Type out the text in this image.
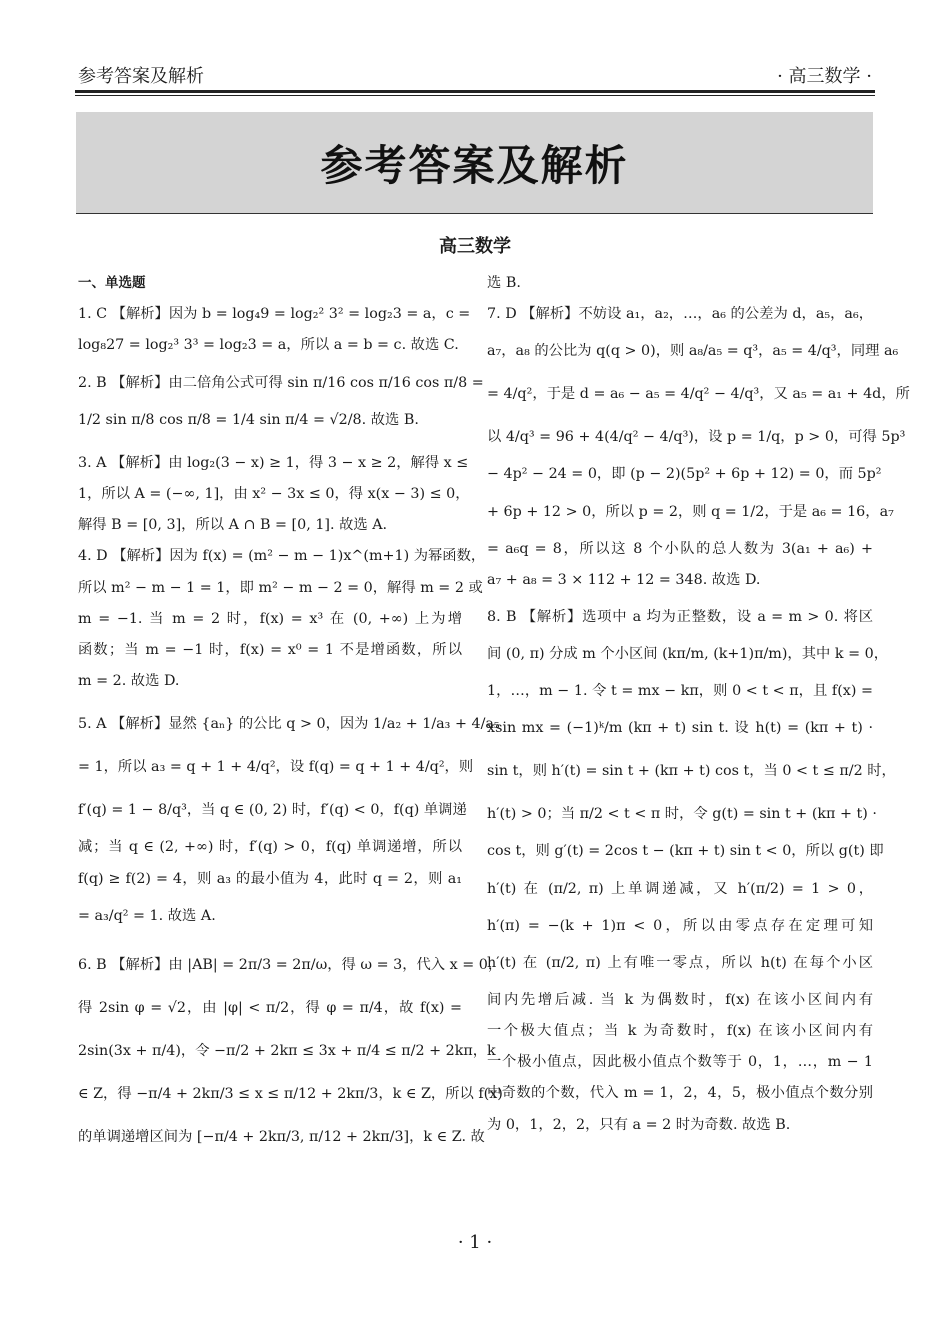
参考答案及解析	· 高三数学 ·
参考答案及解析
高三数学
一、单选题
1. C 【解析】因为 b = log₄9 = log₂² 3² = log₂3 = a，c =
log₈27 = log₂³ 3³ = log₂3 = a，所以 a = b = c. 故选 C.
2. B 【解析】由二倍角公式可得 sin π/16 cos π/16 cos π/8 =
1/2 sin π/8 cos π/8 = 1/4 sin π/4 = √2/8. 故选 B.
3. A 【解析】由 log₂(3 − x) ≥ 1，得 3 − x ≥ 2，解得 x ≤
1，所以 A = (−∞, 1]，由 x² − 3x ≤ 0，得 x(x − 3) ≤ 0，
解得 B = [0, 3]，所以 A ∩ B = [0, 1]. 故选 A.
4. D 【解析】因为 f(x) = (m² − m − 1)x^(m+1) 为幂函数，
所以 m² − m − 1 = 1，即 m² − m − 2 = 0，解得 m = 2 或
m = −1. 当 m = 2 时，f(x) = x³ 在 (0, +∞) 上为增
函数；当 m = −1 时，f(x) = x⁰ = 1 不是增函数，所以
m = 2. 故选 D.
5. A 【解析】显然 {aₙ} 的公比 q > 0，因为 1/a₂ + 1/a₃ + 4/a₅
= 1，所以 a₃ = q + 1 + 4/q²，设 f(q) = q + 1 + 4/q²，则
f′(q) = 1 − 8/q³，当 q ∈ (0, 2) 时，f′(q) < 0，f(q) 单调递
减；当 q ∈ (2, +∞) 时，f′(q) > 0，f(q) 单调递增，所以
f(q) ≥ f(2) = 4，则 a₃ 的最小值为 4，此时 q = 2，则 a₁
= a₃/q² = 1. 故选 A.
6. B 【解析】由 |AB| = 2π/3 = 2π/ω，得 ω = 3，代入 x = 0，
得 2sin φ = √2，由 |φ| < π/2，得 φ = π/4，故 f(x) =
2sin(3x + π/4)，令 −π/2 + 2kπ ≤ 3x + π/4 ≤ π/2 + 2kπ，k
∈ Z，得 −π/4 + 2kπ/3 ≤ x ≤ π/12 + 2kπ/3，k ∈ Z，所以 f(x)
的单调递增区间为 [−π/4 + 2kπ/3, π/12 + 2kπ/3]，k ∈ Z. 故
选 B.
7. D 【解析】不妨设 a₁，a₂，…，a₆ 的公差为 d，a₅，a₆，
a₇，a₈ 的公比为 q(q > 0)，则 a₈/a₅ = q³，a₅ = 4/q³，同理 a₆
= 4/q²，于是 d = a₆ − a₅ = 4/q² − 4/q³，又 a₅ = a₁ + 4d，所
以 4/q³ = 96 + 4(4/q² − 4/q³)，设 p = 1/q，p > 0，可得 5p³
− 4p² − 24 = 0，即 (p − 2)(5p² + 6p + 12) = 0，而 5p²
+ 6p + 12 > 0，所以 p = 2，则 q = 1/2，于是 a₆ = 16，a₇
= a₆q = 8，所以这 8 个小队的总人数为 3(a₁ + a₆) +
a₇ + a₈ = 3 × 112 + 12 = 348. 故选 D.
8. B 【解析】选项中 a 均为正整数，设 a = m > 0. 将区
间 (0, π) 分成 m 个小区间 (kπ/m, (k+1)π/m)，其中 k = 0，
1，…，m − 1. 令 t = mx − kπ，则 0 < t < π，且 f(x) =
xsin mx = (−1)ᵏ/m (kπ + t) sin t. 设 h(t) = (kπ + t) ·
sin t，则 h′(t) = sin t + (kπ + t) cos t，当 0 < t ≤ π/2 时，
h′(t) > 0；当 π/2 < t < π 时，令 g(t) = sin t + (kπ + t) ·
cos t，则 g′(t) = 2cos t − (kπ + t) sin t < 0，所以 g(t) 即
h′(t) 在 (π/2, π) 上单调递减，又 h′(π/2) = 1 > 0，
h′(π) = −(k + 1)π < 0，所以由零点存在定理可知
h′(t) 在 (π/2, π) 上有唯一零点，所以 h(t) 在每个小区
间内先增后减. 当 k 为偶数时，f(x) 在该小区间内有
一个极大值点；当 k 为奇数时，f(x) 在该小区间内有
一个极小值点，因此极小值点个数等于 0，1，…，m − 1
中奇数的个数，代入 m = 1，2，4，5，极小值点个数分别
为 0，1，2，2，只有 a = 2 时为奇数. 故选 B.
· 1 ·
